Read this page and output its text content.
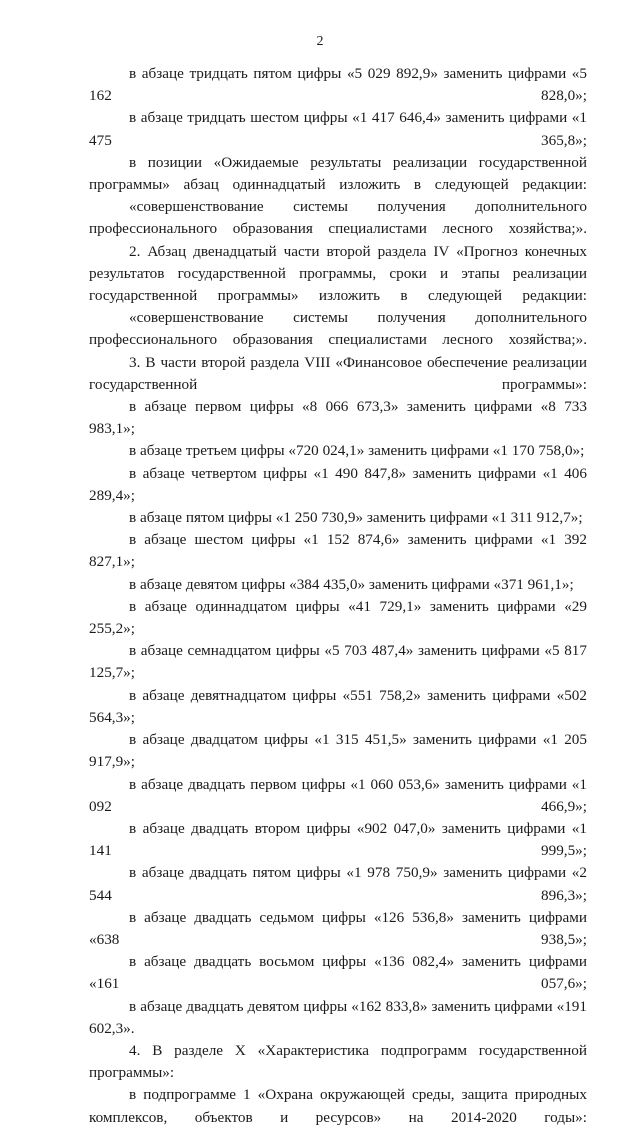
2

в абзаце тридцать пятом цифры «5 029 892,9» заменить цифрами «5 162 828,0»;

в абзаце тридцать шестом цифры «1 417 646,4» заменить цифрами «1 475 365,8»;

в позиции «Ожидаемые результаты реализации государственной программы» абзац одиннадцатый изложить в следующей редакции:

«совершенствование системы получения дополнительного профессионального образования специалистами лесного хозяйства;».

2. Абзац двенадцатый части второй раздела IV «Прогноз конечных результатов государственной программы, сроки и этапы реализации государственной программы» изложить в следующей редакции:

«совершенствование системы получения дополнительного профессионального образования специалистами лесного хозяйства;».

3. В части второй раздела VIII «Финансовое обеспечение реализации государственной программы»:

в абзаце первом цифры «8 066 673,3» заменить цифрами «8 733 983,1»;

в абзаце третьем цифры «720 024,1» заменить цифрами «1 170 758,0»;

в абзаце четвертом цифры «1 490 847,8» заменить цифрами «1 406 289,4»;

в абзаце пятом цифры «1 250 730,9» заменить цифрами «1 311 912,7»;

в абзаце шестом цифры «1 152 874,6» заменить цифрами «1 392 827,1»;

в абзаце девятом цифры «384 435,0» заменить цифрами «371 961,1»;

в абзаце одиннадцатом цифры «41 729,1» заменить цифрами «29 255,2»;

в абзаце семнадцатом цифры «5 703 487,4» заменить цифрами «5 817 125,7»;

в абзаце девятнадцатом цифры «551 758,2» заменить цифрами «502 564,3»;

в абзаце двадцатом цифры «1 315 451,5» заменить цифрами «1 205 917,9»;

в абзаце двадцать первом цифры «1 060 053,6» заменить цифрами «1 092 466,9»;

в абзаце двадцать втором цифры «902 047,0» заменить цифрами «1 141 999,5»;

в абзаце двадцать пятом цифры «1 978 750,9» заменить цифрами «2 544 896,3»;

в абзаце двадцать седьмом цифры «126 536,8» заменить цифрами «638 938,5»;

в абзаце двадцать восьмом цифры «136 082,4» заменить цифрами «161 057,6»;

в абзаце двадцать девятом цифры «162 833,8» заменить цифрами «191 602,3».

4. В разделе X «Характеристика подпрограмм государственной программы»:

в подпрограмме 1 «Охрана окружающей среды, защита природных комплексов, объектов и ресурсов» на 2014-2020 годы»:
